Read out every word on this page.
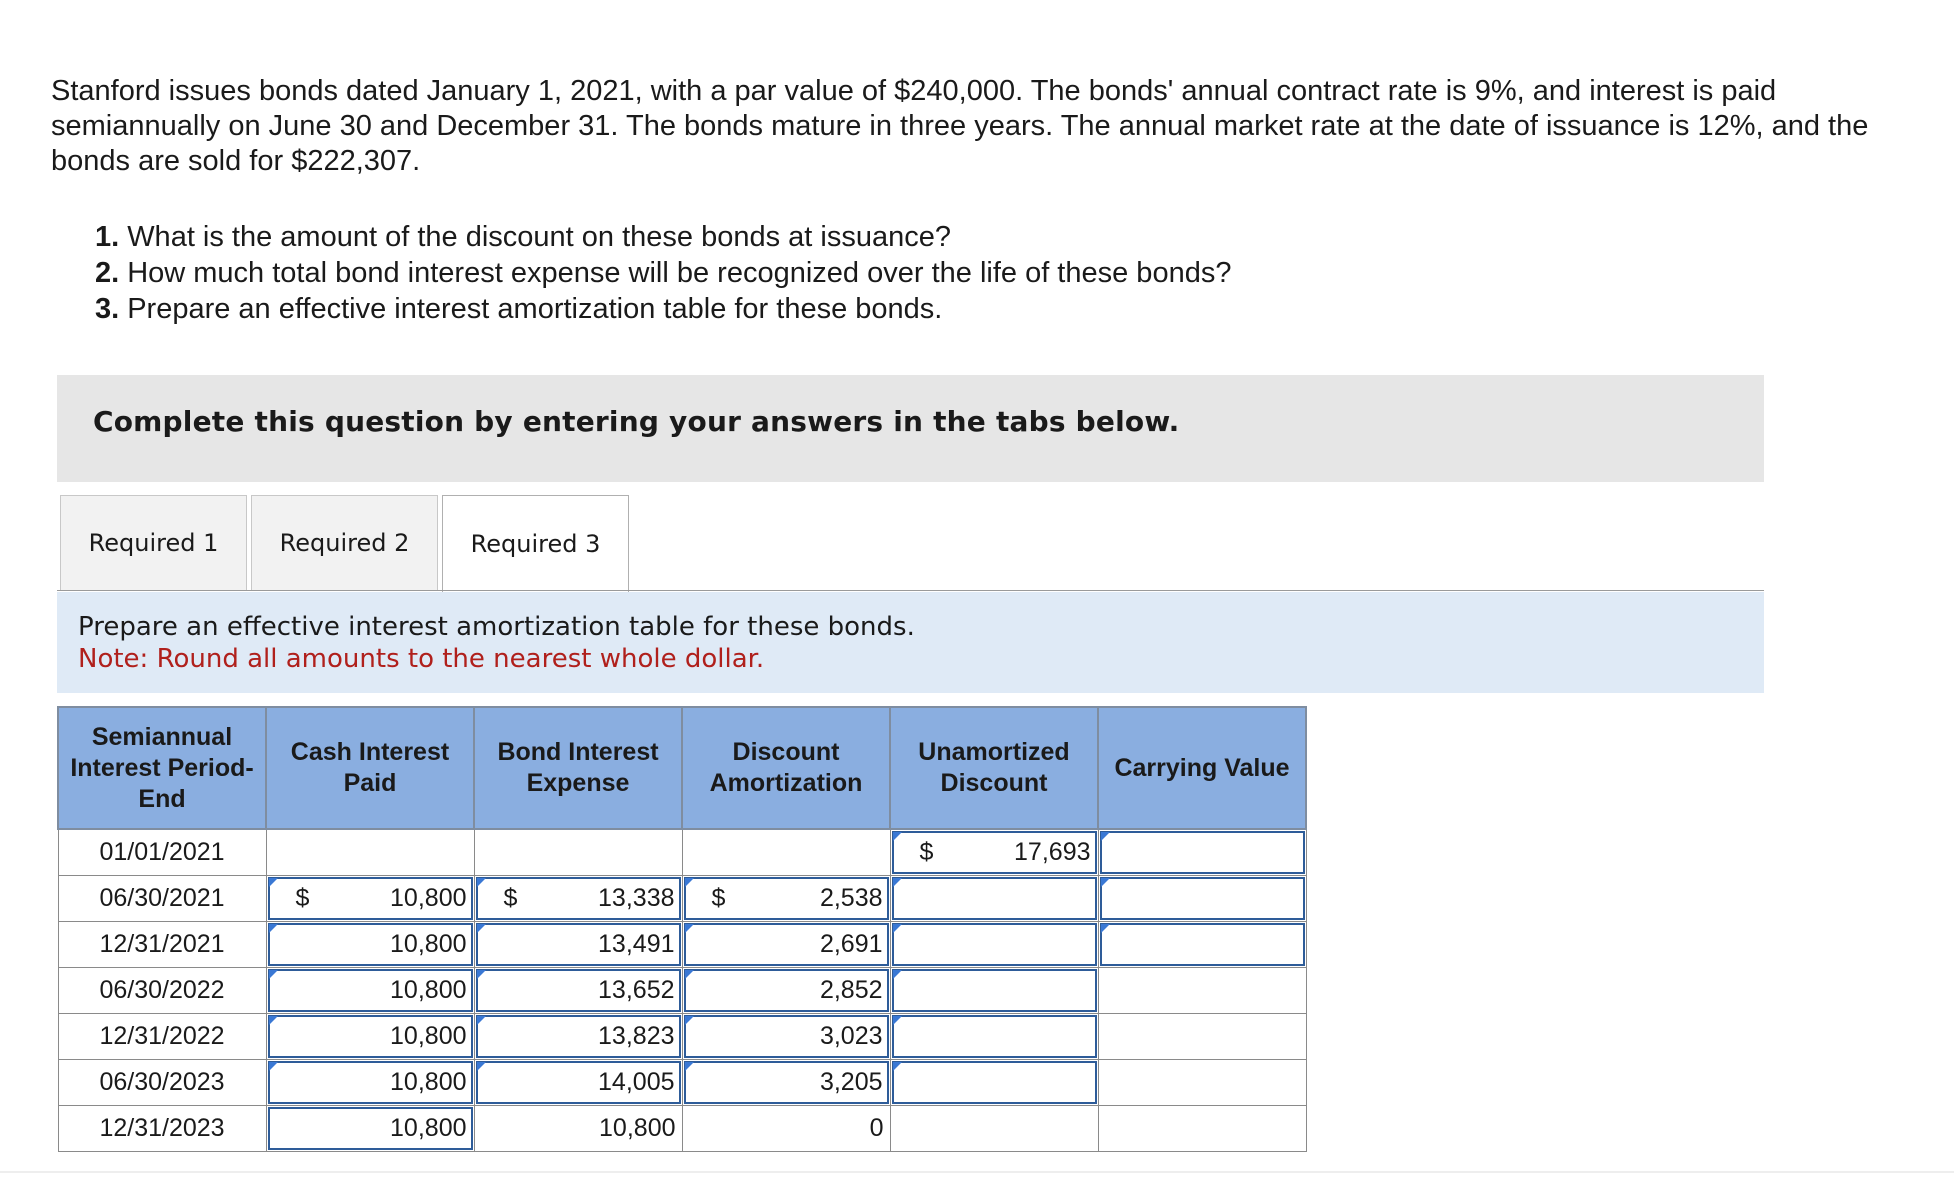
Stanford issues bonds dated January 1, 2021, with a par value of $240,000. The bonds' annual contract rate is 9%, and interest is paid semiannually on June 30 and December 31. The bonds mature in three years. The annual market rate at the date of issuance is 12%, and the bonds are sold for $222,307.
1. What is the amount of the discount on these bonds at issuance?
2. How much total bond interest expense will be recognized over the life of these bonds?
3. Prepare an effective interest amortization table for these bonds.
Complete this question by entering your answers in the tabs below.
Required 1	Required 2	Required 3
Prepare an effective interest amortization table for these bonds.
Note: Round all amounts to the nearest whole dollar.
Semiannual Interest Period-End	Cash Interest Paid	Bond Interest Expense	Discount Amortization	Unamortized Discount	Carrying Value
01/01/2021				$ 17,693	

06/30/2021	$ 10,800	$ 13,338	$ 2,538		

12/31/2021	10,800	13,491	2,691		

06/30/2022	10,800	13,652	2,852		

12/31/2022	10,800	13,823	3,023		

06/30/2023	10,800	14,005	3,205		

12/31/2023	10,800	10,800	0		
